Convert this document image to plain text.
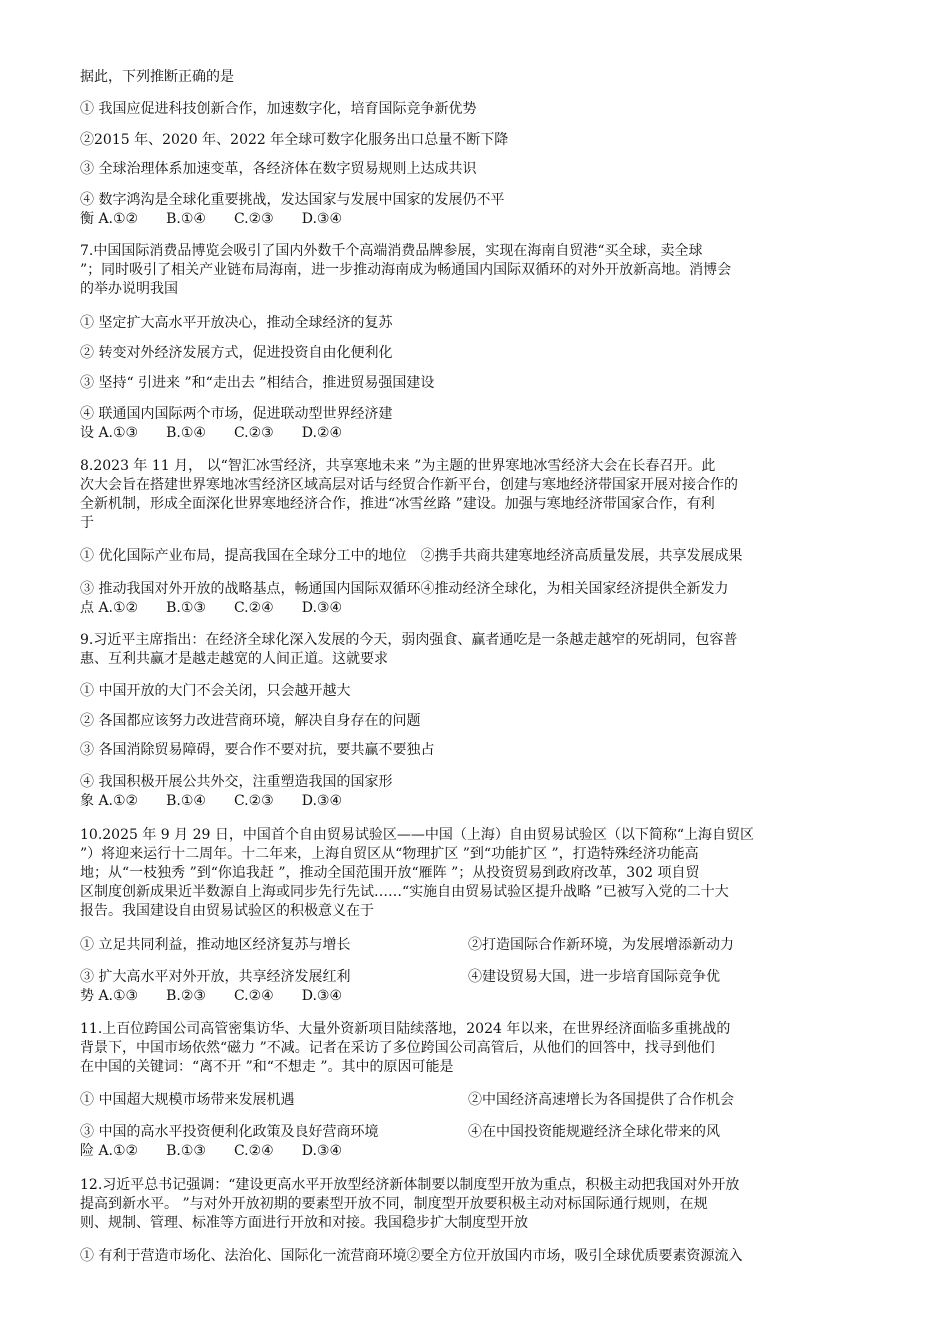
据此，下列推断正确的是
① 我国应促进科技创新合作，加速数字化，培育国际竞争新优势
②2015 年、2020 年、2022 年全球可数字化服务出口总量不断下降
③ 全球治理体系加速变革，各经济体在数字贸易规则上达成共识
④ 数字鸿沟是全球化重要挑战，发达国家与发展中国家的发展仍不平
衡 A.①②　　B.①④　　C.②③　　D.③④
7.中国国际消费品博览会吸引了国内外数千个高端消费品牌参展，实现在海南自贸港“买全球，卖全球
”；同时吸引了相关产业链布局海南，进一步推动海南成为畅通国内国际双循环的对外开放新高地。消博会
的举办说明我国
① 坚定扩大高水平开放决心，推动全球经济的复苏
② 转变对外经济发展方式，促进投资自由化便利化
③ 坚持“ 引进来 ”和“走出去 ”相结合，推进贸易强国建设
④ 联通国内国际两个市场，促进联动型世界经济建
设 A.①③　　B.①④　　C.②③　　D.②④
8.2023 年 11 月， 以“智汇冰雪经济，共享寒地未来 ”为主题的世界寒地冰雪经济大会在长春召开。此
次大会旨在搭建世界寒地冰雪经济区域高层对话与经贸合作新平台，创建与寒地经济带国家开展对接合作的
全新机制，形成全面深化世界寒地经济合作，推进“冰雪丝路 ”建设。加强与寒地经济带国家合作，有利
于
① 优化国际产业布局，提高我国在全球分工中的地位　②携手共商共建寒地经济高质量发展，共享发展成果
③ 推动我国对外开放的战略基点，畅通国内国际双循环④推动经济全球化，为相关国家经济提供全新发力
点 A.①②　　B.①③　　C.②④　　D.③④
9.习近平主席指出：在经济全球化深入发展的今天，弱肉强食、赢者通吃是一条越走越窄的死胡同，包容普
惠、互利共赢才是越走越宽的人间正道。这就要求
① 中国开放的大门不会关闭，只会越开越大
② 各国都应该努力改进营商环境，解决自身存在的问题
③ 各国消除贸易障碍，要合作不要对抗，要共赢不要独占
④ 我国积极开展公共外交，注重塑造我国的国家形
象 A.①②　　B.①④　　C.②③　　D.③④
10.2025 年 9 月 29 日，中国首个自由贸易试验区——中国（上海）自由贸易试验区（以下简称“上海自贸区
”）将迎来运行十二周年。十二年来，上海自贸区从“物理扩区 ”到“功能扩区 ”，打造特殊经济功能高
地；从“一枝独秀 ”到“你追我赶 ”，推动全国范围开放“雁阵 ”；从投资贸易到政府改革，302 项自贸
区制度创新成果近半数源自上海或同步先行先试……“实施自由贸易试验区提升战略 ”已被写入党的二十大
报告。我国建设自由贸易试验区的积极意义在于
① 立足共同利益，推动地区经济复苏与增长	②打造国际合作新环境，为发展增添新动力
③ 扩大高水平对外开放，共享经济发展红利	④建设贸易大国，进一步培育国际竞争优
势 A.①③　　B.②③　　C.②④　　D.③④
11.上百位跨国公司高管密集访华、大量外资新项目陆续落地，2024 年以来，在世界经济面临多重挑战的
背景下，中国市场依然“磁力 ”不减。记者在采访了多位跨国公司高管后，从他们的回答中，找寻到他们
在中国的关键词：“离不开 ”和“不想走 ”。其中的原因可能是
① 中国超大规模市场带来发展机遇	②中国经济高速增长为各国提供了合作机会
③ 中国的高水平投资便利化政策及良好营商环境	④在中国投资能规避经济全球化带来的风
险 A.①②　　B.①③　　C.②④　　D.③④
12.习近平总书记强调：“建设更高水平开放型经济新体制要以制度型开放为重点，积极主动把我国对外开放
提高到新水平。 ”与对外开放初期的要素型开放不同，制度型开放要积极主动对标国际通行规则，在规
则、规制、管理、标准等方面进行开放和对接。我国稳步扩大制度型开放
① 有利于营造市场化、法治化、国际化一流营商环境②要全方位开放国内市场，吸引全球优质要素资源流入
